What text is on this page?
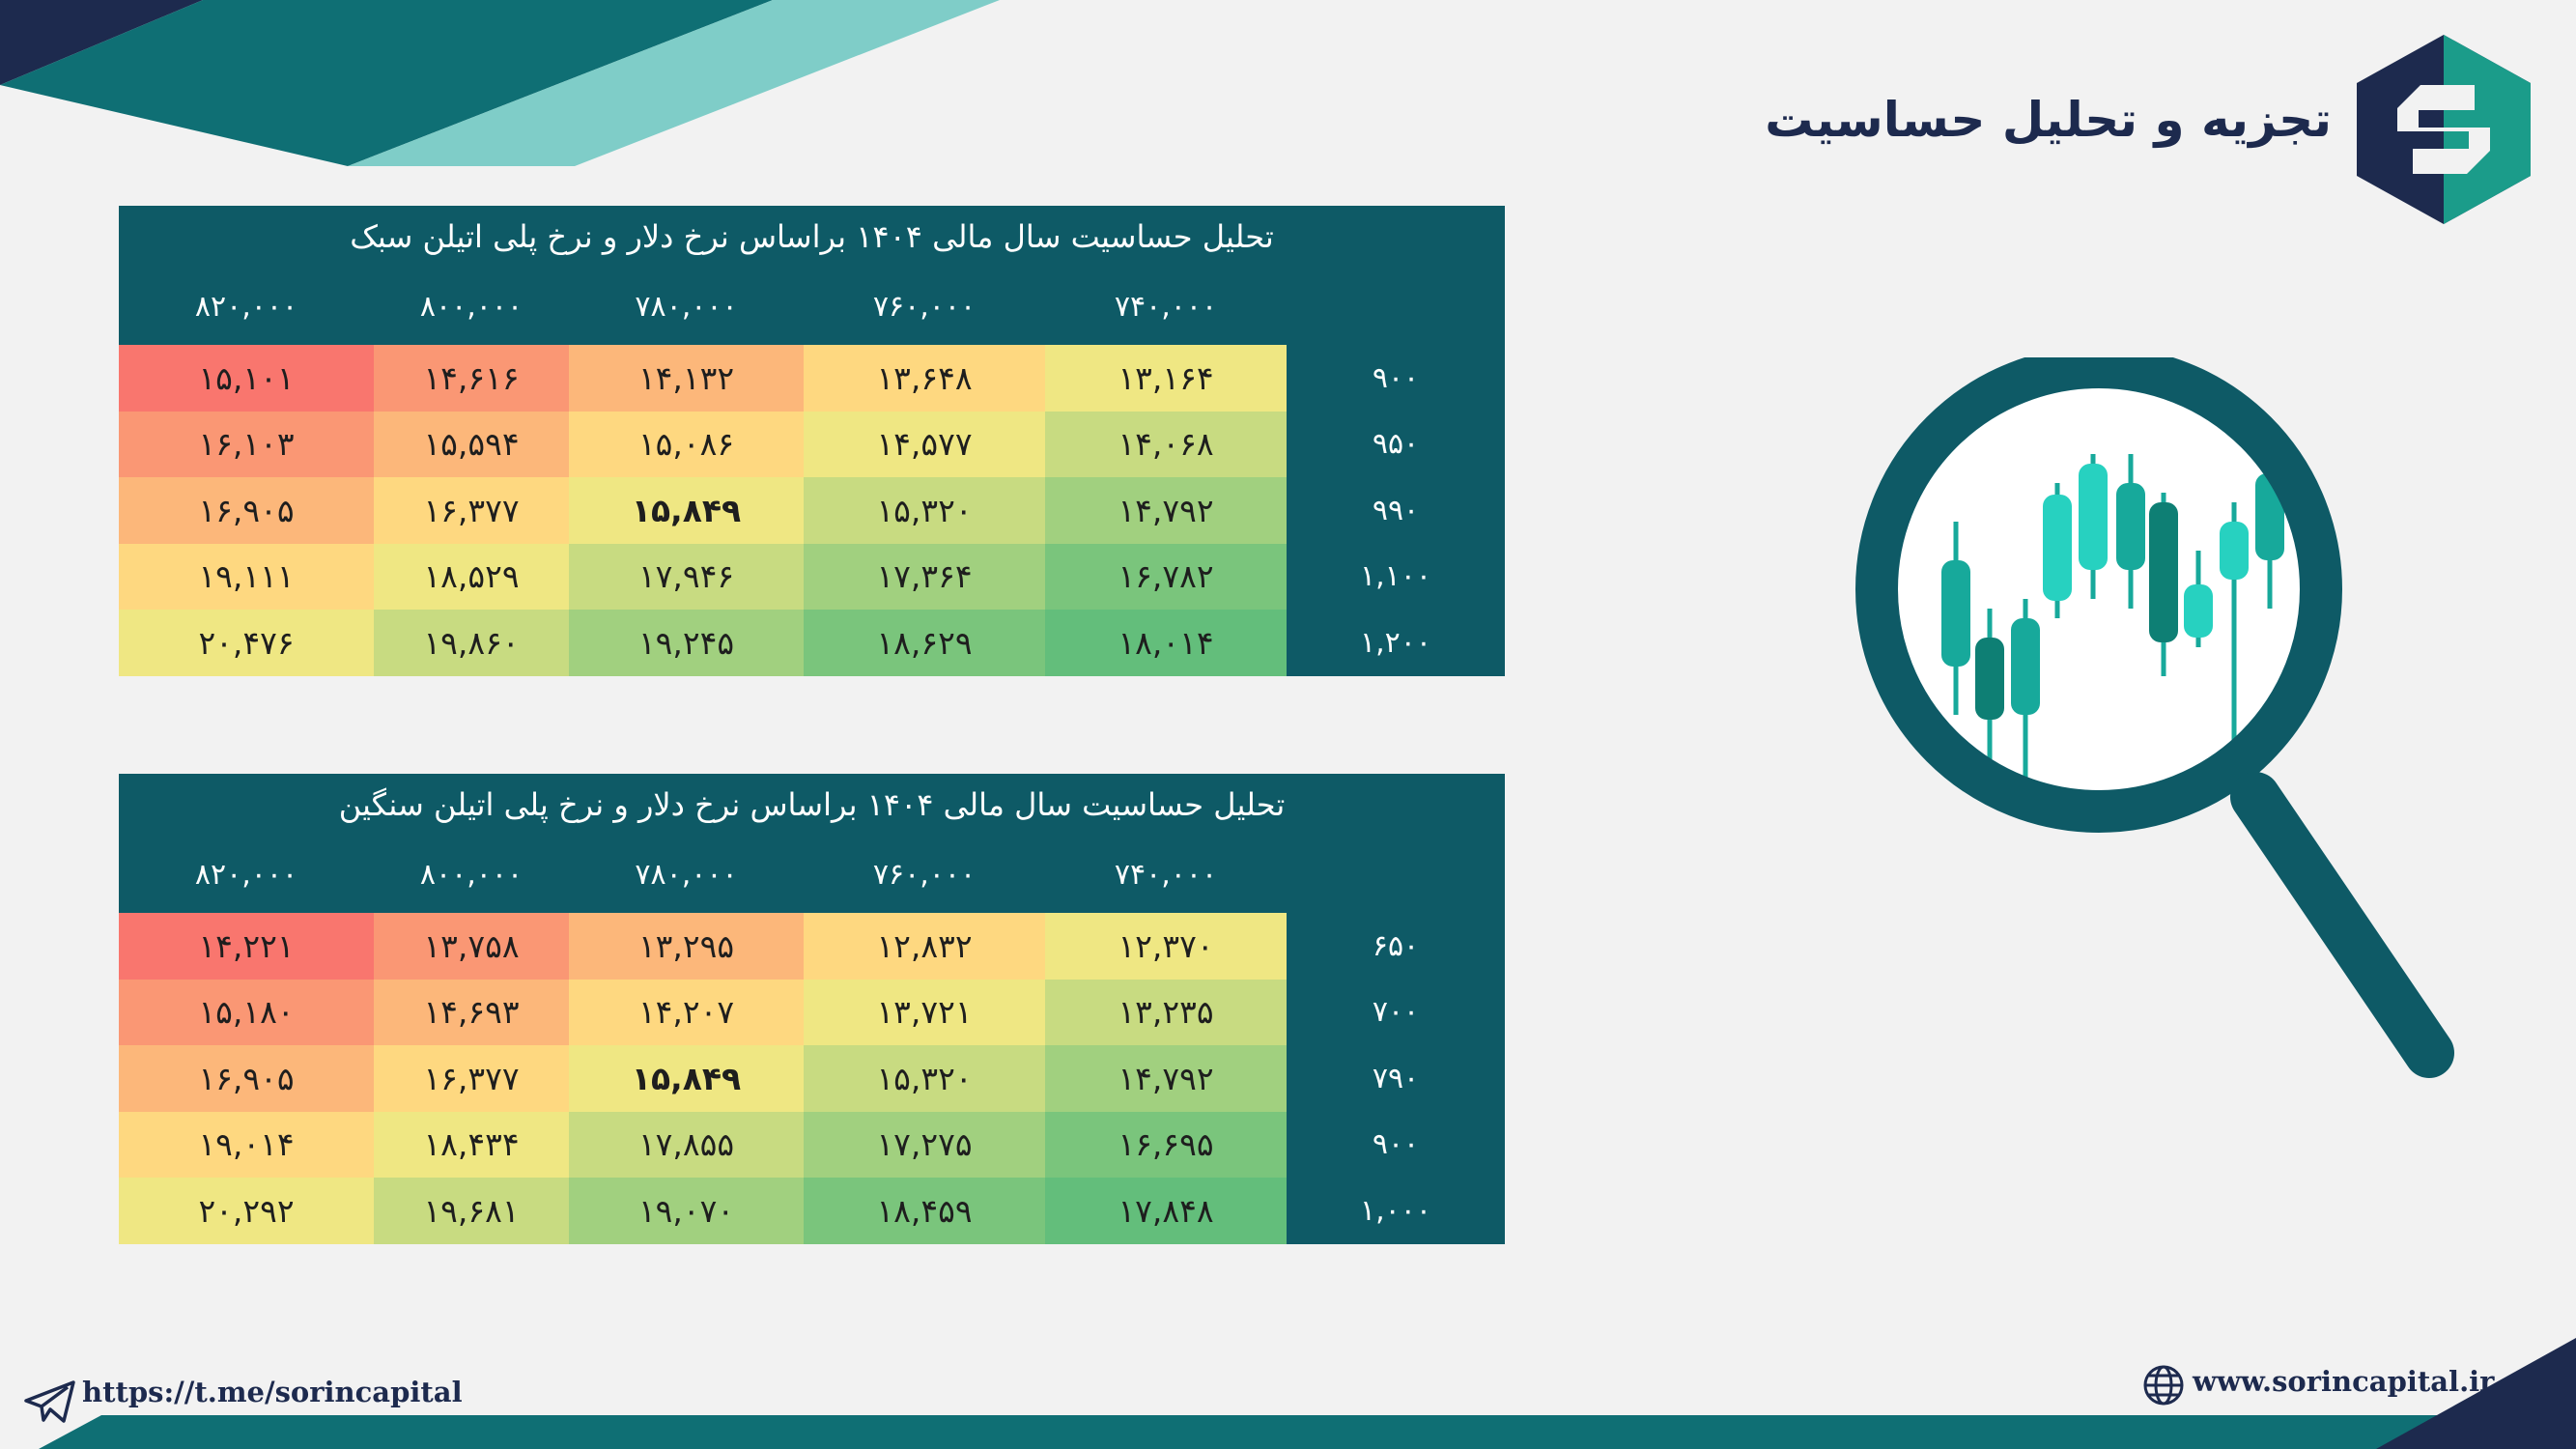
تجزیه و تحلیل حساسیت
تحلیل حساسیت سال مالی ۱۴۰۴ براساس نرخ دلار و نرخ پلی اتیلن سبک
۸۲۰,۰۰۰	۸۰۰,۰۰۰	۷۸۰,۰۰۰	۷۶۰,۰۰۰	۷۴۰,۰۰۰
۱۵,۱۰۱	۱۴,۶۱۶	۱۴,۱۳۲	۱۳,۶۴۸	۱۳,۱۶۴	۹۰۰
۱۶,۱۰۳	۱۵,۵۹۴	۱۵,۰۸۶	۱۴,۵۷۷	۱۴,۰۶۸	۹۵۰
۱۶,۹۰۵	۱۶,۳۷۷	۱۵,۸۴۹	۱۵,۳۲۰	۱۴,۷۹۲	۹۹۰
۱۹,۱۱۱	۱۸,۵۲۹	۱۷,۹۴۶	۱۷,۳۶۴	۱۶,۷۸۲	۱,۱۰۰
۲۰,۴۷۶	۱۹,۸۶۰	۱۹,۲۴۵	۱۸,۶۲۹	۱۸,۰۱۴	۱,۲۰۰
تحلیل حساسیت سال مالی ۱۴۰۴ براساس نرخ دلار و نرخ پلی اتیلن سنگین
۸۲۰,۰۰۰	۸۰۰,۰۰۰	۷۸۰,۰۰۰	۷۶۰,۰۰۰	۷۴۰,۰۰۰
۱۴,۲۲۱	۱۳,۷۵۸	۱۳,۲۹۵	۱۲,۸۳۲	۱۲,۳۷۰	۶۵۰
۱۵,۱۸۰	۱۴,۶۹۳	۱۴,۲۰۷	۱۳,۷۲۱	۱۳,۲۳۵	۷۰۰
۱۶,۹۰۵	۱۶,۳۷۷	۱۵,۸۴۹	۱۵,۳۲۰	۱۴,۷۹۲	۷۹۰
۱۹,۰۱۴	۱۸,۴۳۴	۱۷,۸۵۵	۱۷,۲۷۵	۱۶,۶۹۵	۹۰۰
۲۰,۲۹۲	۱۹,۶۸۱	۱۹,۰۷۰	۱۸,۴۵۹	۱۷,۸۴۸	۱,۰۰۰
https://t.me/sorincapital	www.sorincapital.ir
